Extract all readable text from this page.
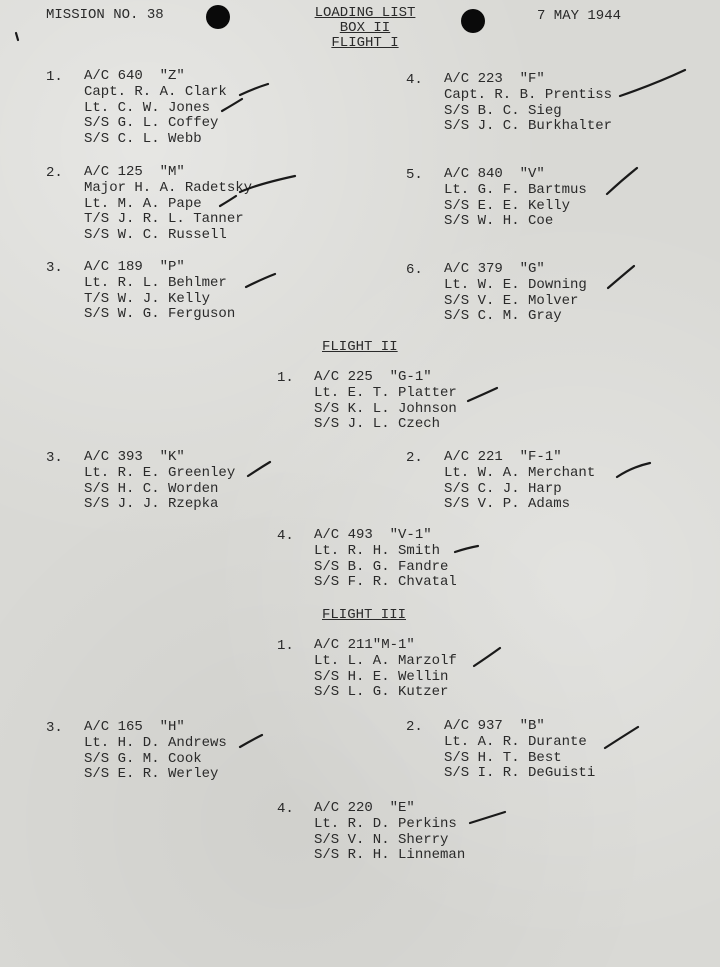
MISSION NO. 38	7 MAY 1944
LOADING LIST
BOX II
FLIGHT I
FLIGHT II
FLIGHT III
1. A/C 640  "Z"
Capt. R. A. Clark
Lt. C. W. Jones
S/S G. L. Coffey
S/S C. L. Webb
4. A/C 223  "F"
Capt. R. B. Prentiss
S/S B. C. Sieg
S/S J. C. Burkhalter
2. A/C 125  "M"
Major H. A. Radetsky
Lt. M. A. Pape
T/S J. R. L. Tanner
S/S W. C. Russell
5. A/C 840  "V"
Lt. G. F. Bartmus
S/S E. E. Kelly
S/S W. H. Coe
3. A/C 189  "P"
Lt. R. L. Behlmer
T/S W. J. Kelly
S/S W. G. Ferguson
6. A/C 379  "G"
Lt. W. E. Downing
S/S V. E. Molver
S/S C. M. Gray
1. A/C 225  "G-1"
Lt. E. T. Platter
S/S K. L. Johnson
S/S J. L. Czech
3. A/C 393  "K"
Lt. R. E. Greenley
S/S H. C. Worden
S/S J. J. Rzepka
2. A/C 221  "F-1"
Lt. W. A. Merchant
S/S C. J. Harp
S/S V. P. Adams
4. A/C 493  "V-1"
Lt. R. H. Smith
S/S B. G. Fandre
S/S F. R. Chvatal
1. A/C 211"M-1"
Lt. L. A. Marzolf
S/S H. E. Wellin
S/S L. G. Kutzer
3. A/C 165  "H"
Lt. H. D. Andrews
S/S G. M. Cook
S/S E. R. Werley
2. A/C 937  "B"
Lt. A. R. Durante
S/S H. T. Best
S/S I. R. DeGuisti
4. A/C 220  "E"
Lt. R. D. Perkins
S/S V. N. Sherry
S/S R. H. Linneman
